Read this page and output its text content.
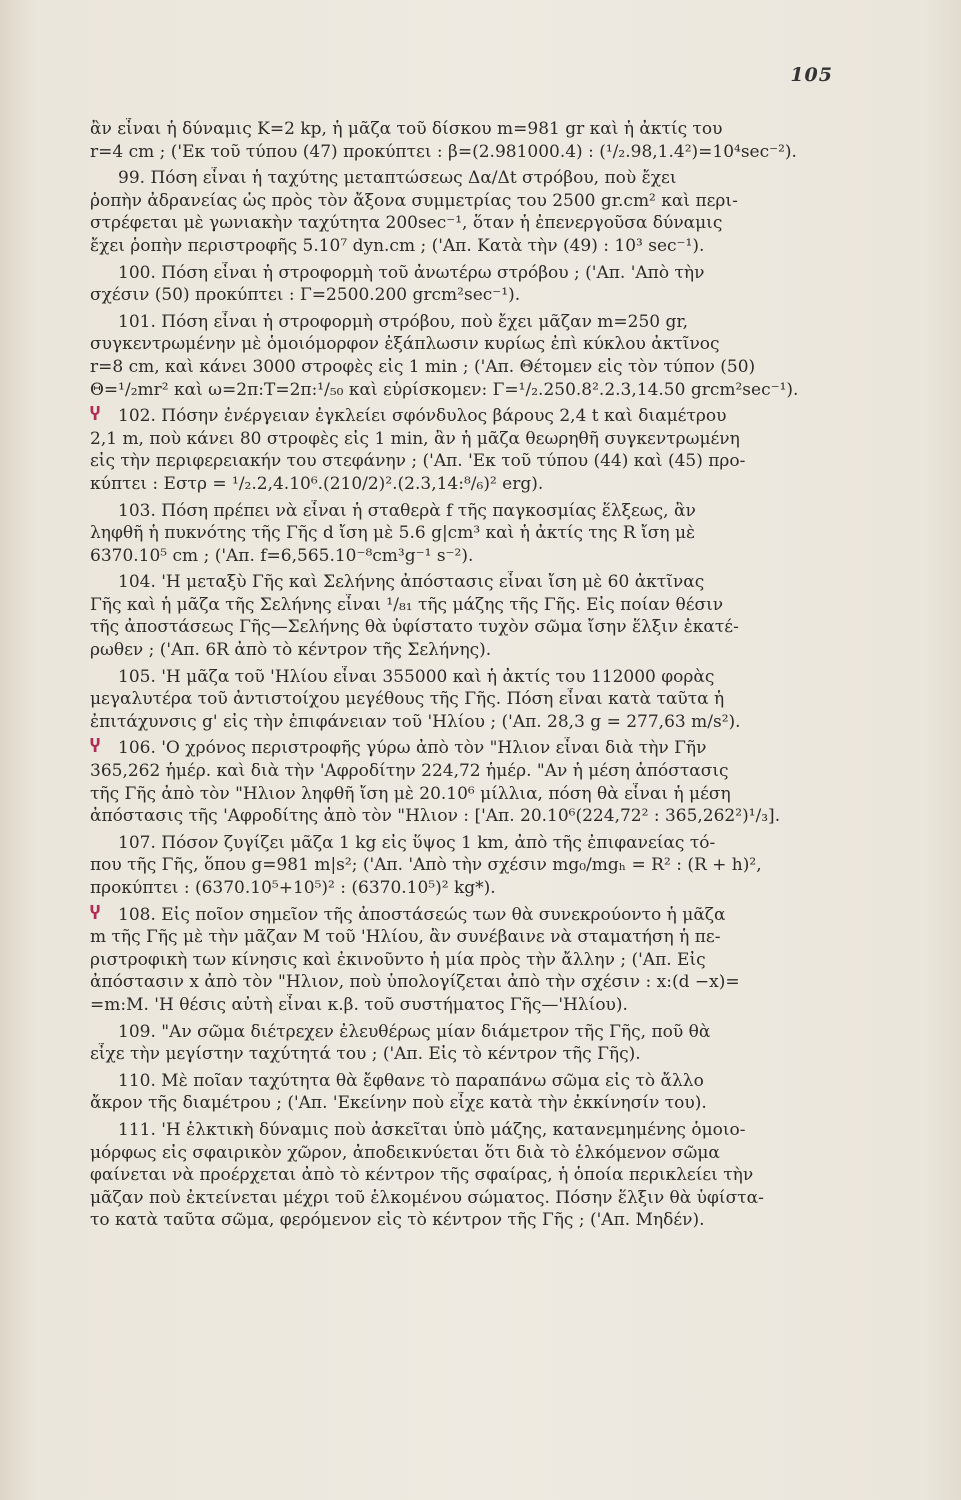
105
ἂν εἶναι ἡ δύναμις K=2 kp, ἡ μᾶζα τοῦ δίσκου m=981 gr καὶ ἡ ἀκτίς του
r=4 cm ; ('Εκ τοῦ τύπου (47) προκύπτει : β=(2.981000.4) : (¹/₂.98,1.4²)=10⁴sec⁻²).
99. Πόση εἶναι ἡ ταχύτης μεταπτώσεως Δα/Δt στρόβου, ποὺ ἔχει
ῥοπὴν ἀδρανείας ὡς πρὸς τὸν ἄξονα συμμετρίας του 2500 gr.cm² καὶ περι-
στρέφεται μὲ γωνιακὴν ταχύτητα 200sec⁻¹, ὅταν ἡ ἐπενεργοῦσα δύναμις
ἔχει ῥοπὴν περιστροφῆς 5.10⁷ dyn.cm ; ('Απ. Κατὰ τὴν (49) : 10³ sec⁻¹).
100. Πόση εἶναι ἡ στροφορμὴ τοῦ ἀνωτέρω στρόβου ; ('Απ. 'Απὸ τὴν
σχέσιν (50) προκύπτει : Γ=2500.200 grcm²sec⁻¹).
101. Πόση εἶναι ἡ στροφορμὴ στρόβου, ποὺ ἔχει μᾶζαν m=250 gr,
συγκεντρωμένην μὲ ὁμοιόμορφον ἐξάπλωσιν κυρίως ἐπὶ κύκλου ἀκτῖνος
r=8 cm, καὶ κάνει 3000 στροφὲς εἰς 1 min ; ('Απ. Θέτομεν εἰς τὸν τύπον (50)
Θ=¹/₂mr² καὶ ω=2π:T=2π:¹/₅₀ καὶ εὑρίσκομεν: Γ=¹/₂.250.8².2.3,14.50 grcm²sec⁻¹).
102. Πόσην ἐνέργειαν ἐγκλείει σφόνδυλος βάρους 2,4 t καὶ διαμέτρου
2,1 m, ποὺ κάνει 80 στροφὲς εἰς 1 min, ἂν ἡ μᾶζα θεωρηθῆ συγκεντρωμένη
εἰς τὴν περιφερειακήν του στεφάνην ; ('Απ. 'Εκ τοῦ τύπου (44) καὶ (45) προ-
κύπτει : Eστρ = ¹/₂.2,4.10⁶.(210/2)².(2.3,14:⁸/₆)² erg).
103. Πόση πρέπει νὰ εἶναι ἡ σταθερὰ f τῆς παγκοσμίας ἕλξεως, ἂν
ληφθῆ ἡ πυκνότης τῆς Γῆς d ἴση μὲ 5.6 g|cm³ καὶ ἡ ἀκτίς της R ἴση μὲ
6370.10⁵ cm ; ('Απ. f=6,565.10⁻⁸cm³g⁻¹ s⁻²).
104. 'Η μεταξὺ Γῆς καὶ Σελήνης ἀπόστασις εἶναι ἴση μὲ 60 ἀκτῖνας
Γῆς καὶ ἡ μᾶζα τῆς Σελήνης εἶναι ¹/₈₁ τῆς μάζης τῆς Γῆς. Εἰς ποίαν θέσιν
τῆς ἀποστάσεως Γῆς—Σελήνης θὰ ὑφίστατο τυχὸν σῶμα ἴσην ἕλξιν ἑκατέ-
ρωθεν ; ('Απ. 6R ἀπὸ τὸ κέντρον τῆς Σελήνης).
105. 'Η μᾶζα τοῦ 'Ηλίου εἶναι 355000 καὶ ἡ ἀκτίς του 112000 φορὰς
μεγαλυτέρα τοῦ ἀντιστοίχου μεγέθους τῆς Γῆς. Πόση εἶναι κατὰ ταῦτα ἡ
ἐπιτάχυνσις g' εἰς τὴν ἐπιφάνειαν τοῦ 'Ηλίου ; ('Απ. 28,3 g = 277,63 m/s²).
106. 'Ο χρόνος περιστροφῆς γύρω ἀπὸ τὸν "Ηλιον εἶναι διὰ τὴν Γῆν
365,262 ἡμέρ. καὶ διὰ τὴν 'Αφροδίτην 224,72 ἡμέρ. "Αν ἡ μέση ἀπόστασις
τῆς Γῆς ἀπὸ τὸν "Ηλιον ληφθῆ ἴση μὲ 20.10⁶ μίλλια, πόση θὰ εἶναι ἡ μέση
ἀπόστασις τῆς 'Αφροδίτης ἀπὸ τὸν "Ηλιον : ['Απ. 20.10⁶(224,72² : 365,262²)¹/₃].
107. Πόσον ζυγίζει μᾶζα 1 kg εἰς ὕψος 1 km, ἀπὸ τῆς ἐπιφανείας τό-
που τῆς Γῆς, ὅπου g=981 m|s²; ('Απ. 'Απὸ τὴν σχέσιν mg₀/mgₕ = R² : (R + h)²,
προκύπτει : (6370.10⁵+10⁵)² : (6370.10⁵)² kg*).
108. Εἰς ποῖον σημεῖον τῆς ἀποστάσεώς των θὰ συνεκρούοντο ἡ μᾶζα
m τῆς Γῆς μὲ τὴν μᾶζαν M τοῦ 'Ηλίου, ἂν συνέβαινε νὰ σταματήση ἡ πε-
ριστροφικὴ των κίνησις καὶ ἐκινοῦντο ἡ μία πρὸς τὴν ἄλλην ; ('Απ. Εἰς
ἀπόστασιν x ἀπὸ τὸν "Ηλιον, ποὺ ὑπολογίζεται ἀπὸ τὴν σχέσιν : x:(d −x)=
=m:M. 'Η θέσις αὐτὴ εἶναι κ.β. τοῦ συστήματος Γῆς—'Ηλίου).
109. "Αν σῶμα διέτρεχεν ἐλευθέρως μίαν διάμετρον τῆς Γῆς, ποῦ θὰ
εἶχε τὴν μεγίστην ταχύτητά του ; ('Απ. Εἰς τὸ κέντρον τῆς Γῆς).
110. Μὲ ποῖαν ταχύτητα θὰ ἔφθανε τὸ παραπάνω σῶμα εἰς τὸ ἄλλο
ἄκρον τῆς διαμέτρου ; ('Απ. 'Εκείνην ποὺ εἶχε κατὰ τὴν ἐκκίνησίν του).
111. 'Η ἑλκτικὴ δύναμις ποὺ ἀσκεῖται ὑπὸ μάζης, κατανεμημένης ὁμοιο-
μόρφως εἰς σφαιρικὸν χῶρον, ἀποδεικνύεται ὅτι διὰ τὸ ἑλκόμενον σῶμα
φαίνεται νὰ προέρχεται ἀπὸ τὸ κέντρον τῆς σφαίρας, ἡ ὁποία περικλείει τὴν
μᾶζαν ποὺ ἐκτείνεται μέχρι τοῦ ἑλκομένου σώματος. Πόσην ἕλξιν θὰ ὑφίστα-
το κατὰ ταῦτα σῶμα, φερόμενον εἰς τὸ κέντρον τῆς Γῆς ; ('Απ. Μηδέν).
Ⴤ
Ⴤ
Ⴤ
